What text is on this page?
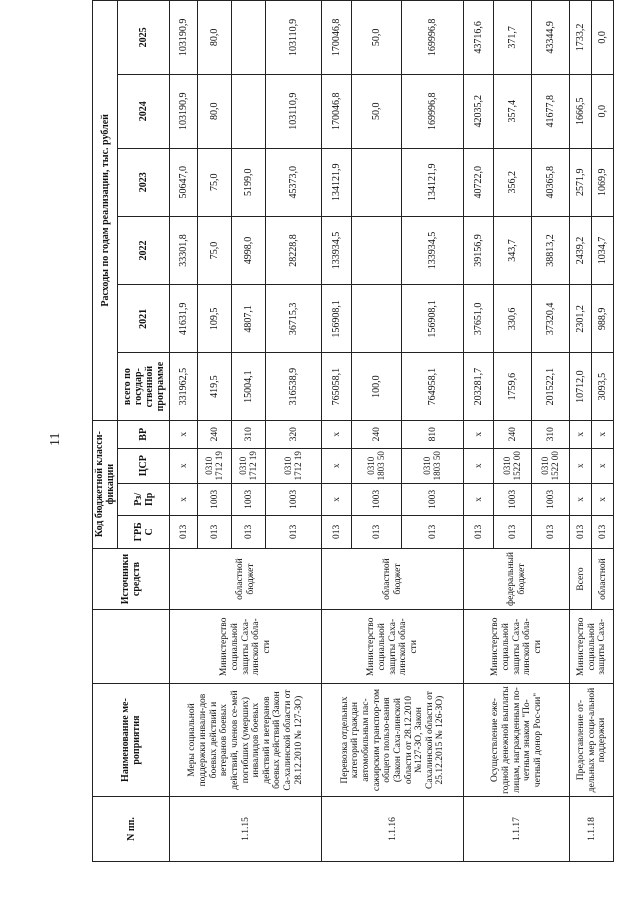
11
N пп.	Наименование ме-роприятия		Источники средств	Код бюджетной класси-фикации				Расходы по годам реализации, тыс. рублей					
				ГРБ С	Рз/ Пр	ЦСР	ВР	всего по государ-ственной программе	2021	2022	2023	2024	2025
1.1.15	Меры социальной поддержки инвали-дов боевых действий и ветеранов боевых действий, членов се-мей погибших (умерших) инвалидов боевых действий и ветеранов боевых действий (Закон Са-халинской области от 28.12.2010 № 127-ЗО)	Министерство социальной защиты Саха-линской обла-сти	областной бюджет	013	х	х	х	331962,5	41631,9	33301,8	50647,0	103190,9	103190,9
				013	1003	0310 1712 19	240	419,5	109,5	75,0	75,0	80,0	80,0
				013	1003	0310 1712 19	310	15004,1	4807,1	4998,0	5199,0		
				013	1003	0310 1712 19	320	316538,9	36715,3	28228,8	45373,0	103110,9	103110,9
1.1.16	Перевозка отдельных категорий граждан автомобильным пас-сажирским транспор-том общего пользо-вания (Закон Саха-линской области от 28.12.2010 №127-ЗО, Закон Сахалинской области от 25.12.2015 № 126-ЗО)	Министерство социальной защиты Саха-линской обла-сти	областной бюджет	013	х	х	х	765058,1	156908,1	133934,5	134121,9	170046,8	170046,8
				013	1003	0310 1803 50	240	100,0				50,0	50,0
				013	1003	0310 1803 50	810	764958,1	156908,1	133934,5	134121,9	169996,8	169996,8
1.1.17	Осуществление еже-годной денежной выплаты лицам, награжденным по-четным знаком "По-четный донор Рос-сии"	Министерство социальной защиты Саха-линской обла-сти	федеральный бюджет	013	х	х	х	203281,7	37651,0	39156,9	40722,0	42035,2	43716,6
				013	1003	0310 1522 00	240	1759,6	330,6	343,7	356,2	357,4	371,7
				013	1003	0310 1522 00	310	201522,1	37320,4	38813,2	40365,8	41677,8	43344,9
1.1.18	Предоставление от-дельных мер соци-альной поддержки	Министерство социальной защиты Саха-	Всего	013	х	х	х	10712,0	2301,2	2439,2	2571,9	1666,5	1733,2
			областной	013	х	х	х	3093,5	988,9	1034,7	1069,9	0,0	0,0
